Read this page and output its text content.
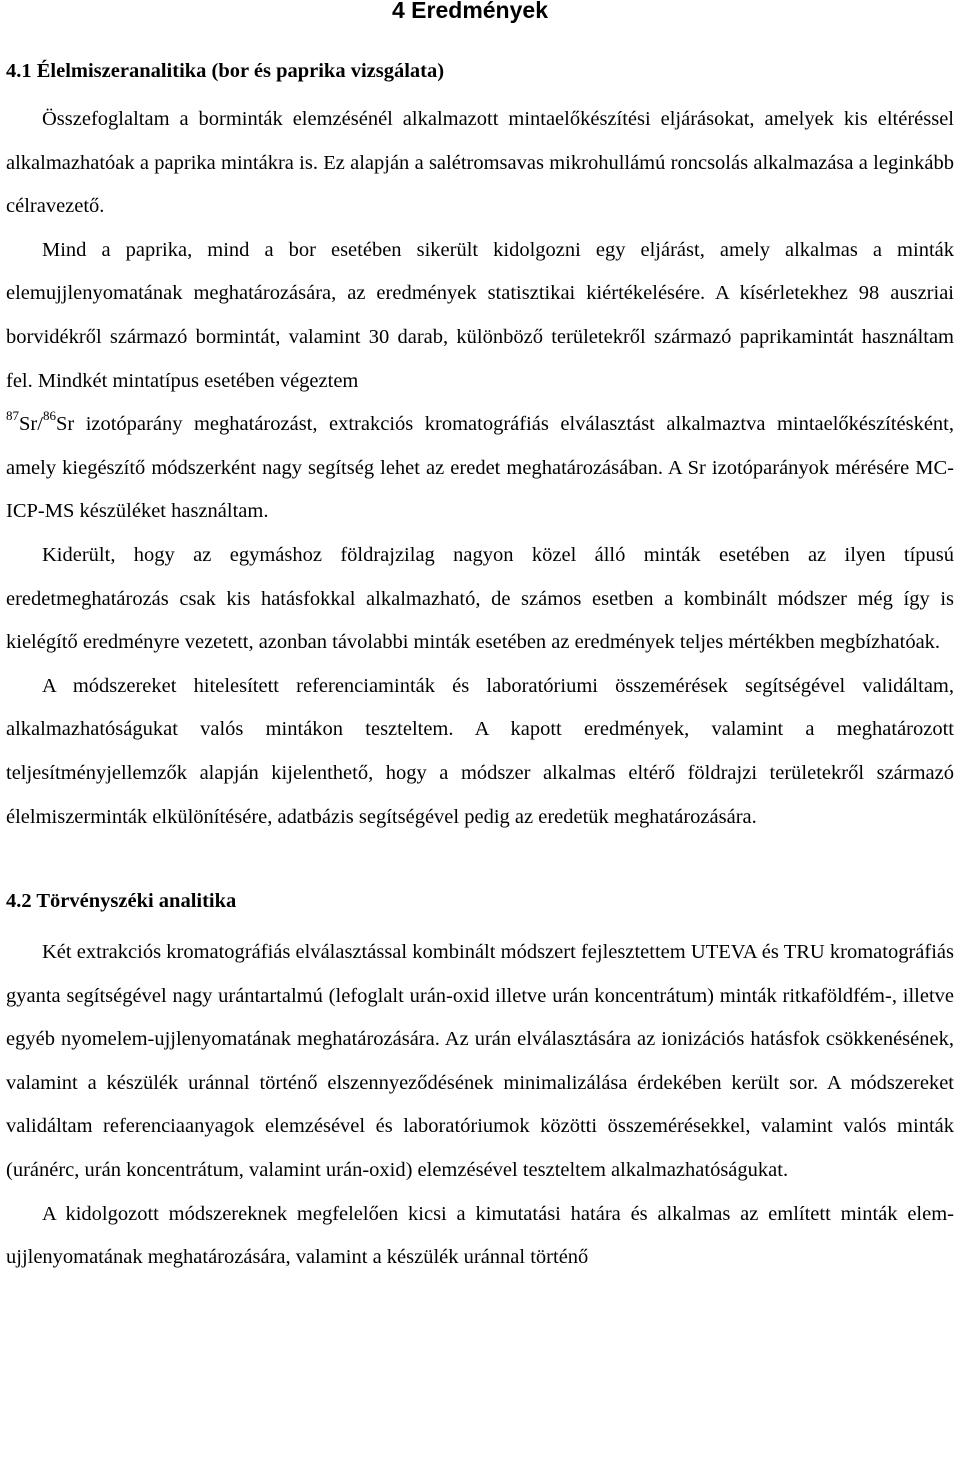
4 Eredmények
4.1 Élelmiszeranalitika (bor és paprika vizsgálata)

Összefoglaltam a borminták elemzésénél alkalmazott mintaelőkészítési eljárásokat, amelyek kis eltéréssel alkalmazhatóak a paprika mintákra is. Ez alapján a salétromsavas mikrohullámú roncsolás alkalmazása a leginkább célravezető.

Mind a paprika, mind a bor esetében sikerült kidolgozni egy eljárást, amely alkalmas a minták elemujjlenyomatának meghatározására, az eredmények statisztikai kiértékelésére. A kísérletekhez 98 auszriai borvidékről származó bormintát, valamint 30 darab, különböző területekről származó paprikamintát használtam fel. Mindkét mintatípus esetében végeztem
$^{87}$Sr/$^{86}$Sr izotóparány meghatározást, extrakciós kromatográfiás elválasztást alkalmaztva mintaelőkészítésként, amely kiegészítő módszerként nagy segítség lehet az eredet meghatározásában. A Sr izotóparányok mérésére MC-ICP-MS készüléket használtam.

Kiderült, hogy az egymáshoz földrajzilag nagyon közel álló minták esetében az ilyen típusú eredetmeghatározás csak kis hatásfokkal alkalmazható, de számos esetben a kombinált módszer még így is kielégítő eredményre vezetett, azonban távolabbi minták esetében az eredmények teljes mértékben megbízhatóak.

A módszereket hitelesített referenciaminták és laboratóriumi összemérések segítségével validáltam, alkalmazhatóságukat valós mintákon teszteltem. A kapott eredmények, valamint a meghatározott teljesítményjellemzők alapján kijelenthető, hogy a módszer alkalmas eltérő földrajzi területekről származó élelmiszerminták elkülönítésére, adatbázis segítségével pedig az eredetük meghatározására.

4.2 Törvényszéki analitika

Két extrakciós kromatográfiás elválasztással kombinált módszert fejlesztettem UTEVA és TRU kromatográfiás gyanta segítségével nagy urántartalmú (lefoglalt urán-oxid illetve urán koncentrátum) minták ritkaföldfém-, illetve egyéb nyomelem-ujjlenyomatának meghatározására. Az urán elválasztására az ionizációs hatásfok csökkenésének, valamint a készülék uránnal történő elszennyeződésének minimalizálása érdekében került sor. A módszereket validáltam referenciaanyagok elemzésével és laboratóriumok közötti összemérésekkel, valamint valós minták (uránérc, urán koncentrátum, valamint urán-oxid) elemzésével teszteltem alkalmazhatóságukat.

A kidolgozott módszereknek megfelelően kicsi a kimutatási határa és alkalmas az említett minták elem-ujjlenyomatának meghatározására, valamint a készülék uránnal történő
